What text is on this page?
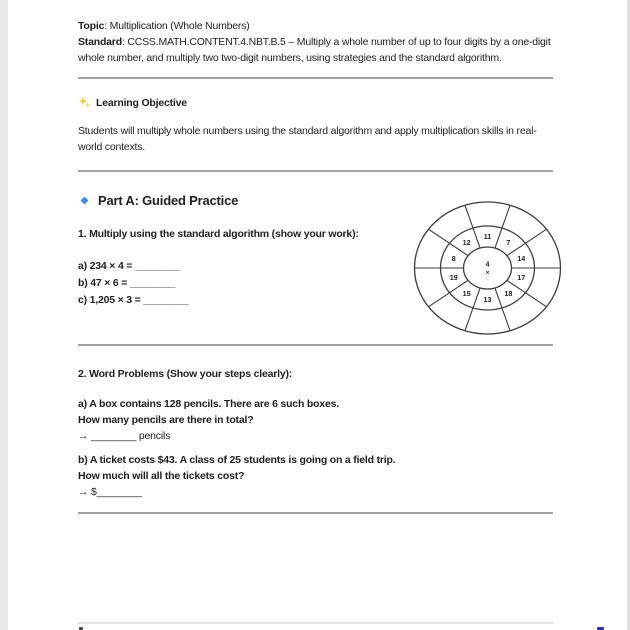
Topic: Multiplication (Whole Numbers)
Standard: CCSS.MATH.CONTENT.4.NBT.B.5 – Multiply a whole number of up to four digits by a one-digit whole number, and multiply two two-digit numbers, using strategies and the standard algorithm.
Learning Objective
Students will multiply whole numbers using the standard algorithm and apply multiplication skills in real-world contexts.
Part A: Guided Practice
1. Multiply using the standard algorithm (show your work):
a) 234 × 4 = ________
b) 47 × 6 = ________
c) 1,205 × 3 = ________
11
7
14
17
18
13
15
19
8
12
4
×
2. Word Problems (Show your steps clearly):
a) A box contains 128 pencils. There are 6 such boxes.
How many pencils are there in total?
→ ________ pencils
b) A ticket costs $43. A class of 25 students is going on a field trip.
How much will all the tickets cost?
→ $________
